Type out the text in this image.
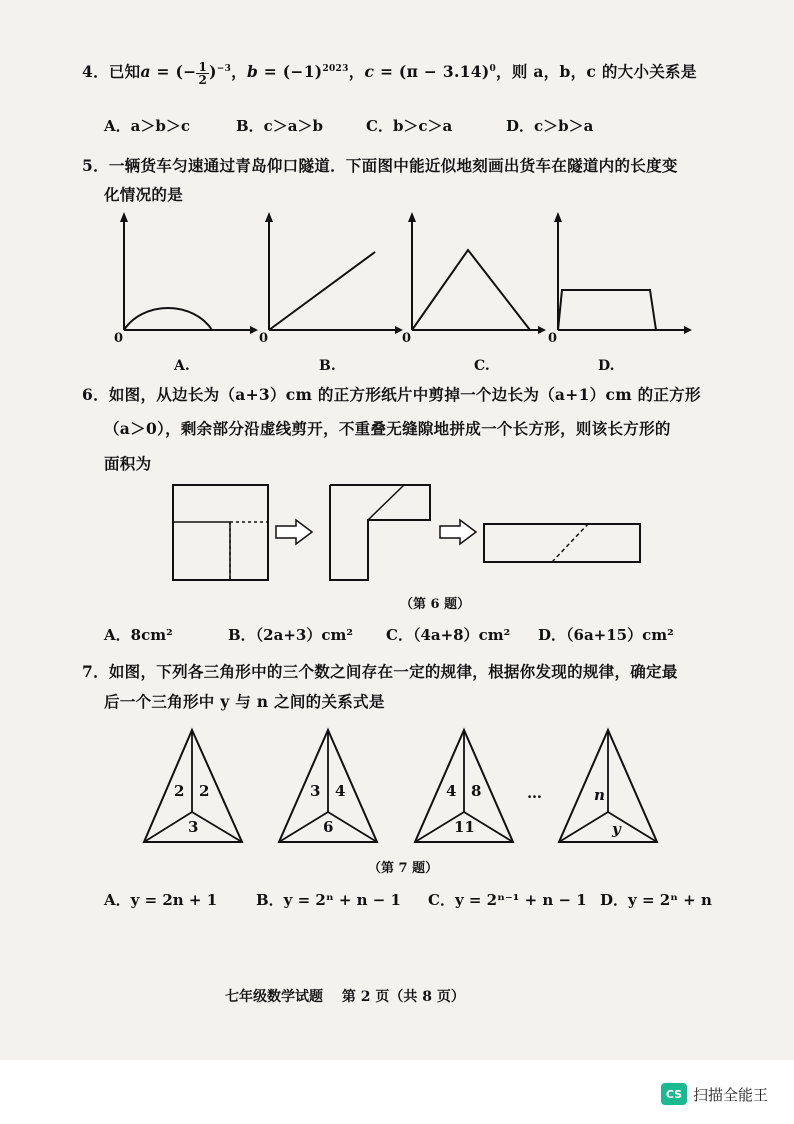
4．已知a = (− $\frac{1}{2} )^{-3}$，$b = (-1)^{2023}$，$c = (\pi - 3.14)^0$，则 a，b，c 的大小关系是
A．a＞b＞c	B．c＞a＞b	C．b＞c＞a	D．c＞b＞a
5．一辆货车匀速通过青岛仰口隧道．下面图中能近似地刻画出货车在隧道内的长度变
化情况的是
0
A.
0
B.
0
C.
0
D.
6．如图，从边长为（a+3）cm 的正方形纸片中剪掉一个边长为（a+1）cm 的正方形
（a＞0），剩余部分沿虚线剪开，不重叠无缝隙地拼成一个长方形，则该长方形的
面积为
（第 6 题）
A．8cm²	B．（2a+3）cm² C．（4a+8）cm² D．（6a+15）cm²
7．如图，下列各三角形中的三个数之间存在一定的规律，根据你发现的规律，确定最
后一个三角形中 y 与 n 之间的关系式是
2 2
3
3 4
6
4 8
11
…	n
y
（第 7 题）
A．y = 2n + 1	B．y = 2ⁿ + n − 1 C．y = 2ⁿ⁻¹ + n − 1 D．y = 2ⁿ + n
七年级数学试题　 第 2 页（共 8 页）
CS 扫描全能王
